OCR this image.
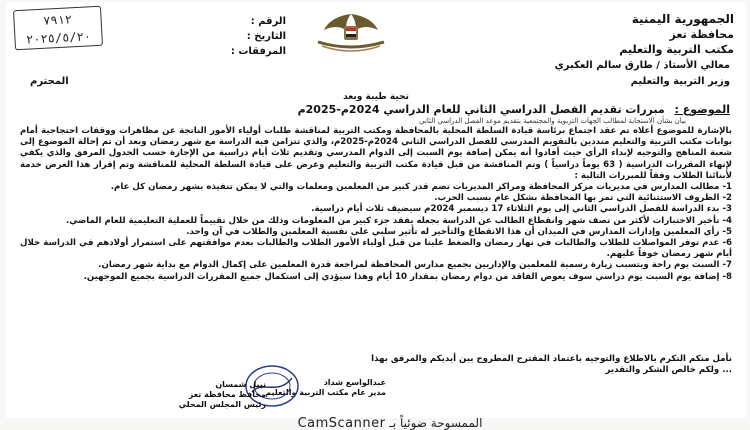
٧٩١٢
٢٠٢٥/٥/٢٠
الرقم :
التاريخ :
المرفقات :
الجمهورية اليمنية
محافظة تعز
مكتب التربية والتعليم
معالي الأستاذ / طارق سالم العكبري
وزير التربية والتعليم
المحترم
تحية طيبة وبعد
الموضوع : مبررات تقديم الفصل الدراسي الثاني للعام الدراسي 2024م-2025م
بيان بشأن الاستجابة لمطالب الجهات التربوية والمجتمعية بتقديم موعد الفصل الدراسي الثاني

بالإشارة للموضوع أعلاه تم عقد اجتماع برئاسة قيادة السلطة المحلية بالمحافظة ومكتب التربية لمناقشة طلبات أولياء الأمور الناتجة عن مظاهرات ووقفات احتجاجية أمام بوابات مكتب التربية والتعليم منددين بالتقويم المدرسي للفصل الدراسي الثاني 2024م-2025م، والذي تتزامن فيه الدراسة مع شهر رمضان وبعد أن تم إحالة الموضوع إلى شعبة المناهج والتوجيه لإبداء الرأي حيث أفادوا أنه يمكن إضافة يوم السبت إلى الدوام المدرسي وتقديم ثلاث أيام دراسية من الإجازة حسب الجدول المرفق والذي يكفي لإنهاء المقررات الدراسية ( 63 يوماً دراسياً ) وتم المناقشة من قبل قيادة مكتب التربية والتعليم وعرض على قيادة السلطة المحلية للمناقشة وتم إقرار هذا العرض خدمة لأبنائنا الطلاب وفقاً للمبررات التالية :

1- مطالب المدارس في مديريات مركز المحافظة ومراكز المديريات تضم قدر كبير من المعلمين ومعلمات والتي لا يمكن تنفيذه بشهر رمضان كل عام.
2- الظروف الاستثنائية التي تمر بها المحافظة بشكل عام بسبب الحرب.
3- بدء الدراسة للفصل الدراسي الثاني إلى يوم الثلاثاء 17 ديسمبر 2024م سيضيف ثلاث أيام دراسية.
4- تأخير الاختبارات لأكثر من نصف شهر وانقطاع الطالب عن الدراسة بجعله يفقد جزء كبير من المعلومات وذلك من خلال تقييماً للعملية التعليمية للعام الماضي.
5- رأي المعلمين وإدارات المدارس في الميدان أن هذا الانقطاع والتأخير له تأثير سلبي على نفسية المعلمين والطلاب في آن واحد.
6- عدم توفر المواصلات للطلاب والطالبات في نهار رمضان والضغط علينا من قبل أولياء الأمور الطلاب والطالبات بعدم موافقتهم على استمرار أولادهم في الدراسة خلال أيام شهر رمضان خوفاً عليهم.
7- السبت يوم راحة ويتسبب زيارة رسمية للمعلمين والإداريين بجميع مدارس المحافظة لمراجعة قدرة المعلمين على إكمال الدوام مع بداية شهر رمضان.
8- إضافة يوم السبت يوم دراسي سوف يعوض الفاقد من دوام رمضان بمقدار 10 أيام وهذا سيؤدي إلى استكمال جميع المقررات الدراسية بجميع الموجهين.
نأمل منكم التكرم بالاطلاع والتوجيه باعتماد المقترح المطروح بين أيديكم والمرفق بهذا
... ولكم خالص الشكر والتقدير
عبدالواسع شداد
مدير عام مكتب التربية والتعليم
نبيل شمسان
محافظ محافظة تعز
رئيس المجلس المحلي
الممسوحة ضوئياً بـ CamScanner
